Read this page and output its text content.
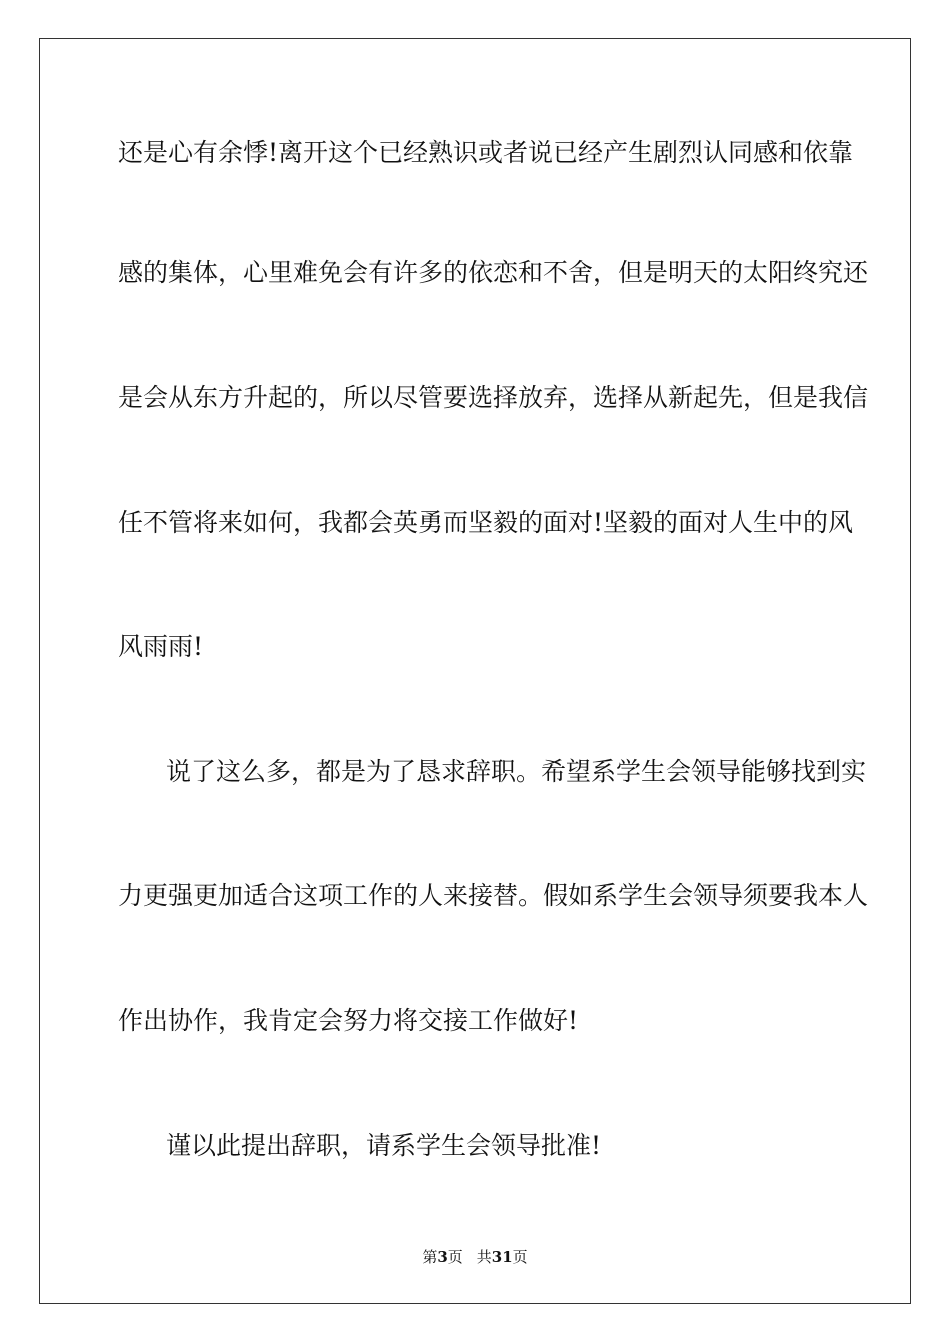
还是心有余悸!离开这个已经熟识或者说已经产生剧烈认同感和依靠
感的集体，心里难免会有许多的依恋和不舍，但是明天的太阳终究还
是会从东方升起的，所以尽管要选择放弃，选择从新起先，但是我信
任不管将来如何，我都会英勇而坚毅的面对!坚毅的面对人生中的风
风雨雨!
说了这么多，都是为了恳求辞职。希望系学生会领导能够找到实
力更强更加适合这项工作的人来接替。假如系学生会领导须要我本人
作出协作，我肯定会努力将交接工作做好!
谨以此提出辞职，请系学生会领导批准!
第3页 共31页
